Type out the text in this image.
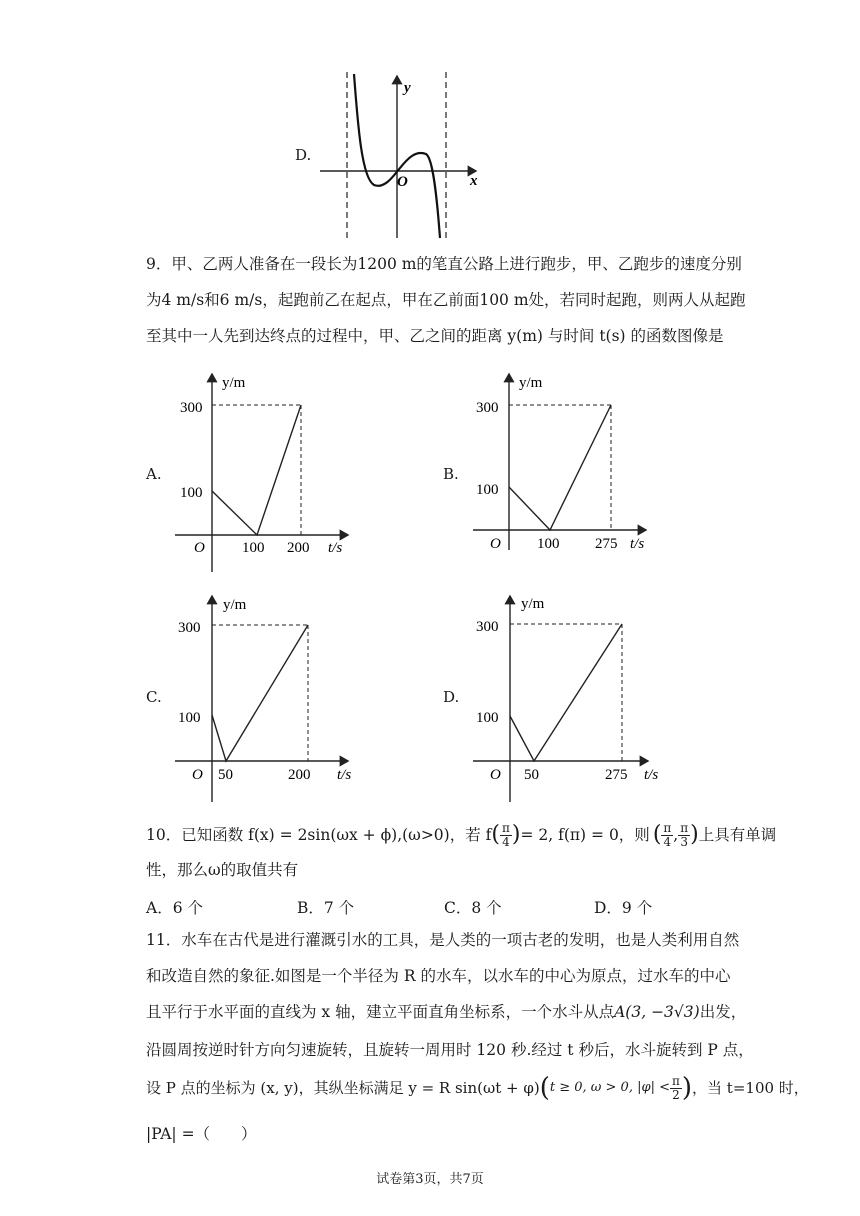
D.
y
x
O
9．甲、乙两人准备在一段长为1200 m的笔直公路上进行跑步，甲、乙跑步的速度分别
为4 m/s和6 m/s，起跑前乙在起点，甲在乙前面100 m处，若同时起跑，则两人从起跑
至其中一人先到达终点的过程中，甲、乙之间的距离 y(m) 与时间 t(s) 的函数图像是
A.
y/m
300
100
O 100 200 t/s
B.
y/m
300
100
O 100 275 t/s
C.
y/m
300
100
O 50	200 t/s
D.
y/m
300
100
O 50	275 t/s
10．已知函数 f(x) = 2sin(ωx + ϕ),(ω>0)，若 f ( $\frac{\pi}{4}$ ) = 2, f(π) = 0，则 ( $\frac{\pi}{4}$ , $\frac{\pi}{3}$ ) 上具有单调
性，那么ω的取值共有
A．6 个	B．7 个	C．8 个	D．9 个
11．水车在古代是进行灌溉引水的工具，是人类的一项古老的发明，也是人类利用自然
和改造自然的象征.如图是一个半径为 R 的水车，以水车的中心为原点，过水车的中心
且平行于水平面的直线为 x 轴，建立平面直角坐标系，一个水斗从点A(3, −3√3)出发，
沿圆周按逆时针方向匀速旋转，且旋转一周用时 120 秒.经过 t 秒后，水斗旋转到 P 点，
设 P 点的坐标为 (x, y)，其纵坐标满足 y = R sin(ωt + φ) ( t ≥ 0, ω > 0, $|\varphi| < \frac{\pi}{2}$ ) ，当 t=100 时，
|PA| =（　　）
试卷第3页，共7页
